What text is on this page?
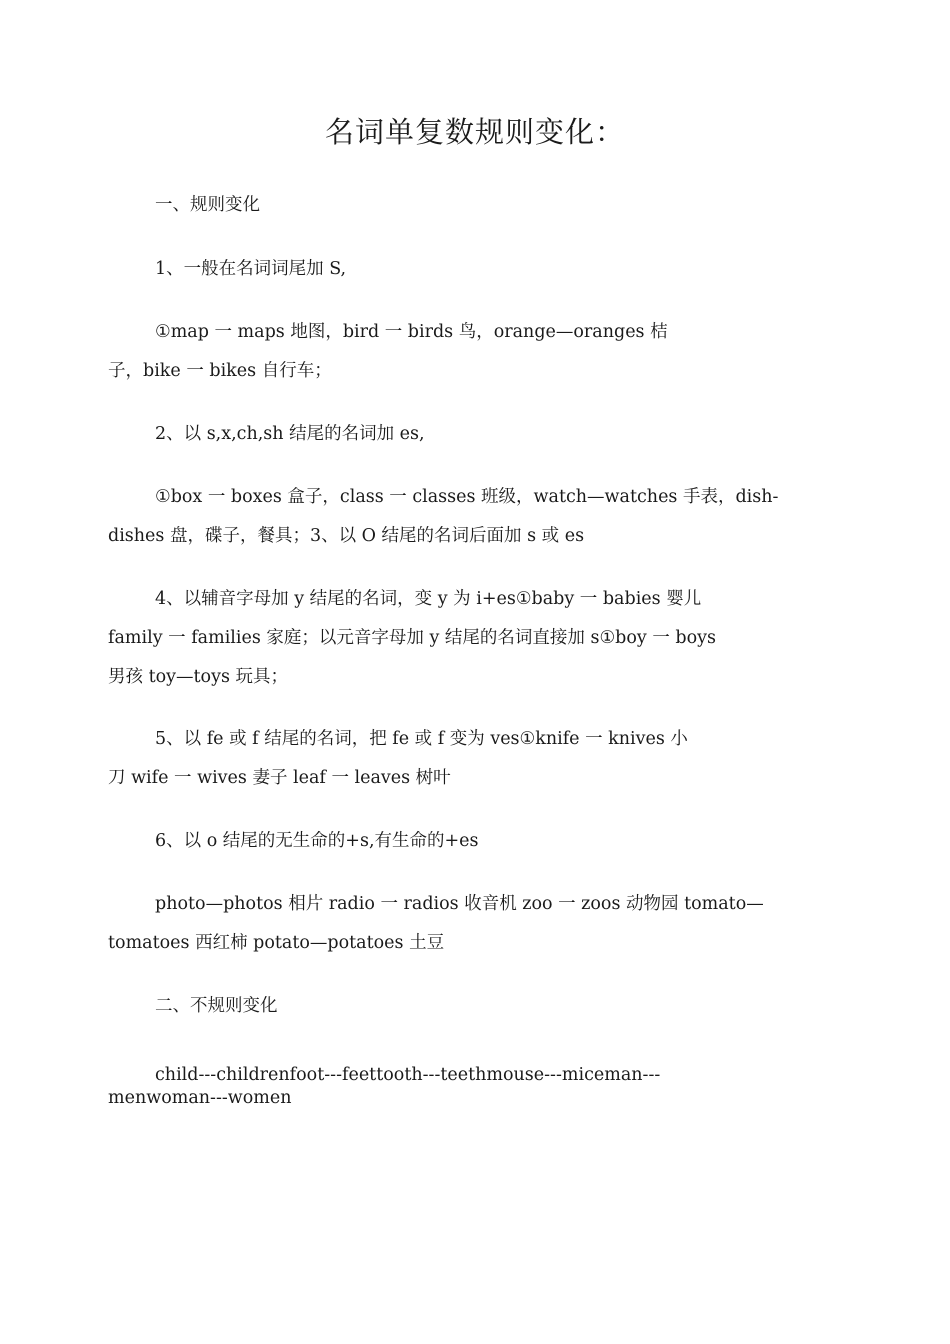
名词单复数规则变化：

一、规则变化

1、一般在名词词尾加 S,

①map 一 maps 地图，bird 一 birds 鸟，orange—oranges 桔
子，bike 一 bikes 自行车；

2、以 s,x,ch,sh 结尾的名词加 es,

①box 一 boxes 盒子，class 一 classes 班级，watch—watches 手表，dish-
dishes 盘，碟子，餐具；3、以 O 结尾的名词后面加 s 或 es

4、以辅音字母加 y 结尾的名词，变 y 为 i+es①baby 一 babies 婴儿
family 一 families 家庭；以元音字母加 y 结尾的名词直接加 s①boy 一 boys
男孩 toy—toys 玩具；

5、以 fe 或 f 结尾的名词，把 fe 或 f 变为 ves①knife 一 knives 小
刀 wife 一 wives 妻子 leaf 一 leaves 树叶

6、以 o 结尾的无生命的+s,有生命的+es

photo—photos 相片 radio 一 radios 收音机 zoo 一 zoos 动物园 tomato—
tomatoes 西红柿 potato—potatoes 土豆

二、不规则变化

child---childrenfoot---feettooth---teethmouse---miceman---
menwoman---women
